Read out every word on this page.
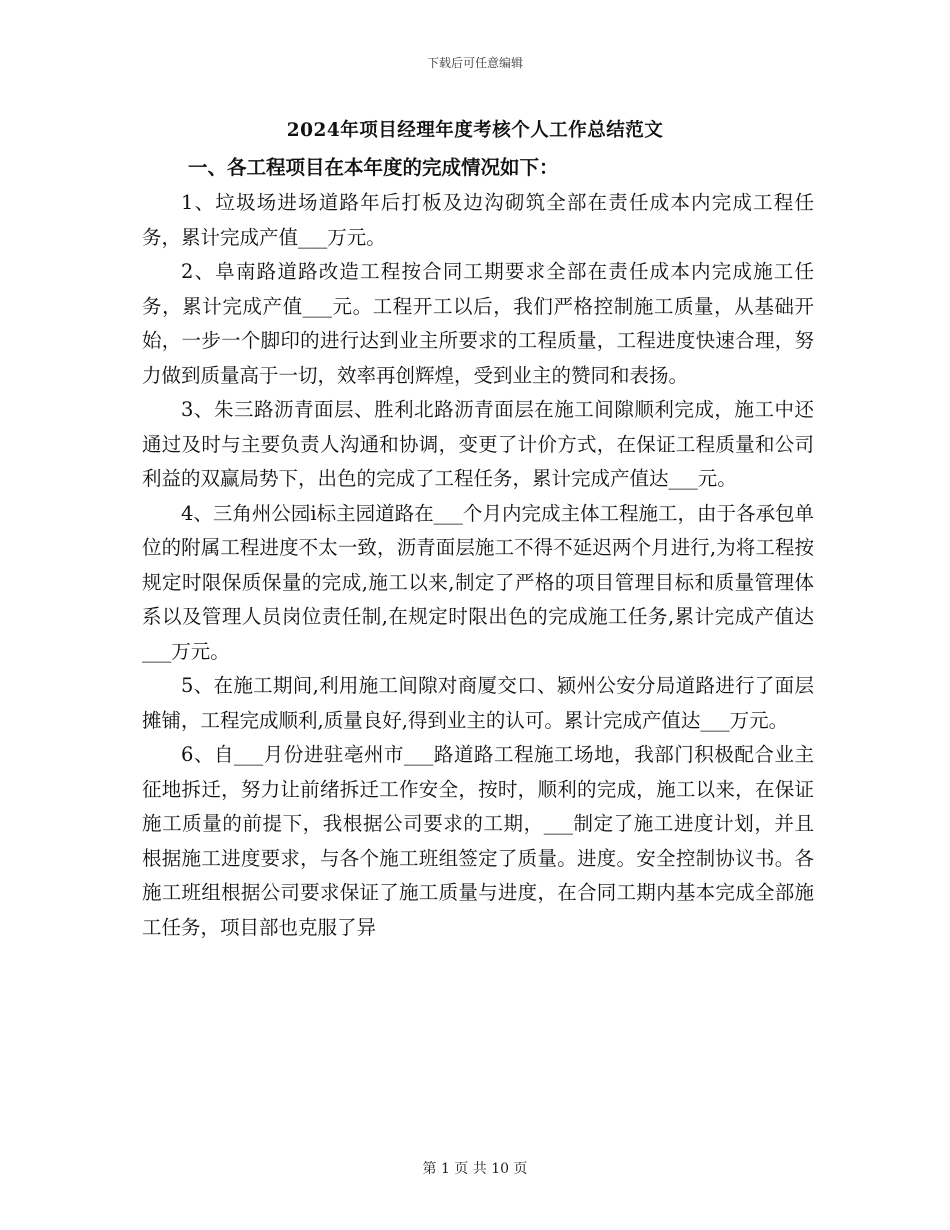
下载后可任意编辑
2024年项目经理年度考核个人工作总结范文
一、各工程项目在本年度的完成情况如下：

1、垃圾场进场道路年后打板及边沟砌筑全部在责任成本内完成工程任务，累计完成产值___万元。

2、阜南路道路改造工程按合同工期要求全部在责任成本内完成施工任务，累计完成产值___元。工程开工以后，我们严格控制施工质量，从基础开始，一步一个脚印的进行达到业主所要求的工程质量，工程进度快速合理，努力做到质量高于一切，效率再创辉煌，受到业主的赞同和表扬。

3、朱三路沥青面层、胜利北路沥青面层在施工间隙顺利完成，施工中还通过及时与主要负责人沟通和协调，变更了计价方式，在保证工程质量和公司利益的双赢局势下，出色的完成了工程任务，累计完成产值达___元。

4、三角州公园ⅰ标主园道路在___个月内完成主体工程施工，由于各承包单位的附属工程进度不太一致，沥青面层施工不得不延迟两个月进行,为将工程按规定时限保质保量的完成,施工以来,制定了严格的项目管理目标和质量管理体系以及管理人员岗位责任制,在规定时限出色的完成施工任务,累计完成产值达___万元。

5、在施工期间,利用施工间隙对商厦交口、颍州公安分局道路进行了面层摊铺，工程完成顺利,质量良好,得到业主的认可。累计完成产值达___万元。

6、自___月份进驻亳州市___路道路工程施工场地，我部门积极配合业主征地拆迁，努力让前绪拆迁工作安全，按时，顺利的完成，施工以来，在保证施工质量的前提下，我根据公司要求的工期，___制定了施工进度计划，并且根据施工进度要求，与各个施工班组签定了质量。进度。安全控制协议书。各施工班组根据公司要求保证了施工质量与进度，在合同工期内基本完成全部施工任务，项目部也克服了异

第 1 页 共 10 页
